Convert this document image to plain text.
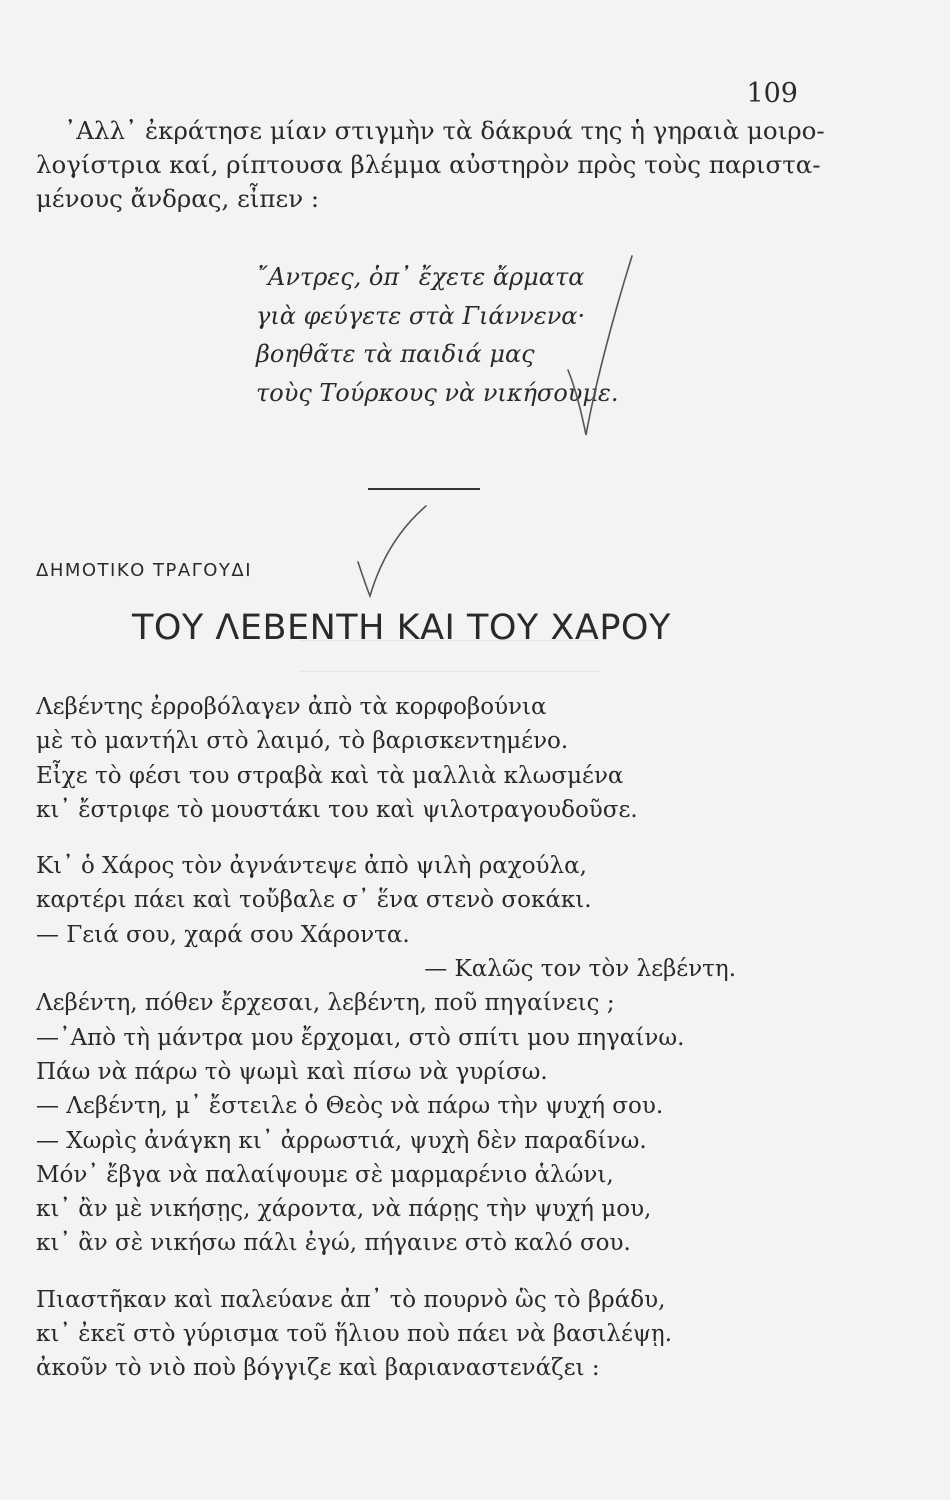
109
᾿Αλλ᾿ ἐκράτησε μίαν στιγμὴν τὰ δάκρυά της ἡ γηραιὰ μοιρο-
λογίστρια καί, ρίπτουσα βλέμμα αὐστηρὸν πρὸς τοὺς παριστα-
μένους ἄνδρας, εἶπεν :
῎Αντρες, ὁπ᾿ ἔχετε ἄρματα
γιὰ φεύγετε στὰ Γιάννενα·
βοηθᾶτε τὰ παιδιά μας
τοὺς Τούρκους νὰ νικήσουμε.
ΔΗΜΟΤΙΚΟ ΤΡΑΓΟΥΔΙ
ΤΟΥ ΛΕΒΕΝΤΗ ΚΑΙ ΤΟΥ ΧΑΡΟΥ
Λεβέντης ἐρροβόλαγεν ἀπὸ τὰ κορφοβούνια
μὲ τὸ μαντήλι στὸ λαιμό, τὸ βαρισκεντημένο.
Εἶχε τὸ φέσι του στραβὰ καὶ τὰ μαλλιὰ κλωσμένα
κι᾿ ἔστριφε τὸ μουστάκι του καὶ ψιλοτραγουδοῦσε.
Κι᾿ ὁ Χάρος τὸν ἀγνάντεψε ἀπὸ ψιλὴ ραχούλα,
καρτέρι πάει καὶ τοὔβαλε σ᾿ ἕνα στενὸ σοκάκι.
— Γειά σου, χαρά σου Χάροντα.
— Καλῶς τον τὸν λεβέντη.
Λεβέντη, πόθεν ἔρχεσαι, λεβέντη, ποῦ πηγαίνεις ;
—᾿Απὸ τὴ μάντρα μου ἔρχομαι, στὸ σπίτι μου πηγαίνω.
Πάω νὰ πάρω τὸ ψωμὶ καὶ πίσω νὰ γυρίσω.
— Λεβέντη, μ᾿ ἔστειλε ὁ Θεὸς νὰ πάρω τὴν ψυχή σου.
— Χωρὶς ἀνάγκη κι᾿ ἀρρωστιά, ψυχὴ δὲν παραδίνω.
Μόν᾿ ἔβγα νὰ παλαίψουμε σὲ μαρμαρένιο ἁλώνι,
κι᾿ ἂν μὲ νικήσῃς, χάροντα, νὰ πάρῃς τὴν ψυχή μου,
κι᾿ ἂν σὲ νικήσω πάλι ἐγώ, πήγαινε στὸ καλό σου.
Πιαστῆκαν καὶ παλεύανε ἀπ᾿ τὸ πουρνὸ ὣς τὸ βράδυ,
κι᾿ ἐκεῖ στὸ γύρισμα τοῦ ἥλιου ποὺ πάει νὰ βασιλέψῃ.
ἀκοῦν τὸ νιὸ ποὺ βόγγιζε καὶ βαριαναστενάζει :
